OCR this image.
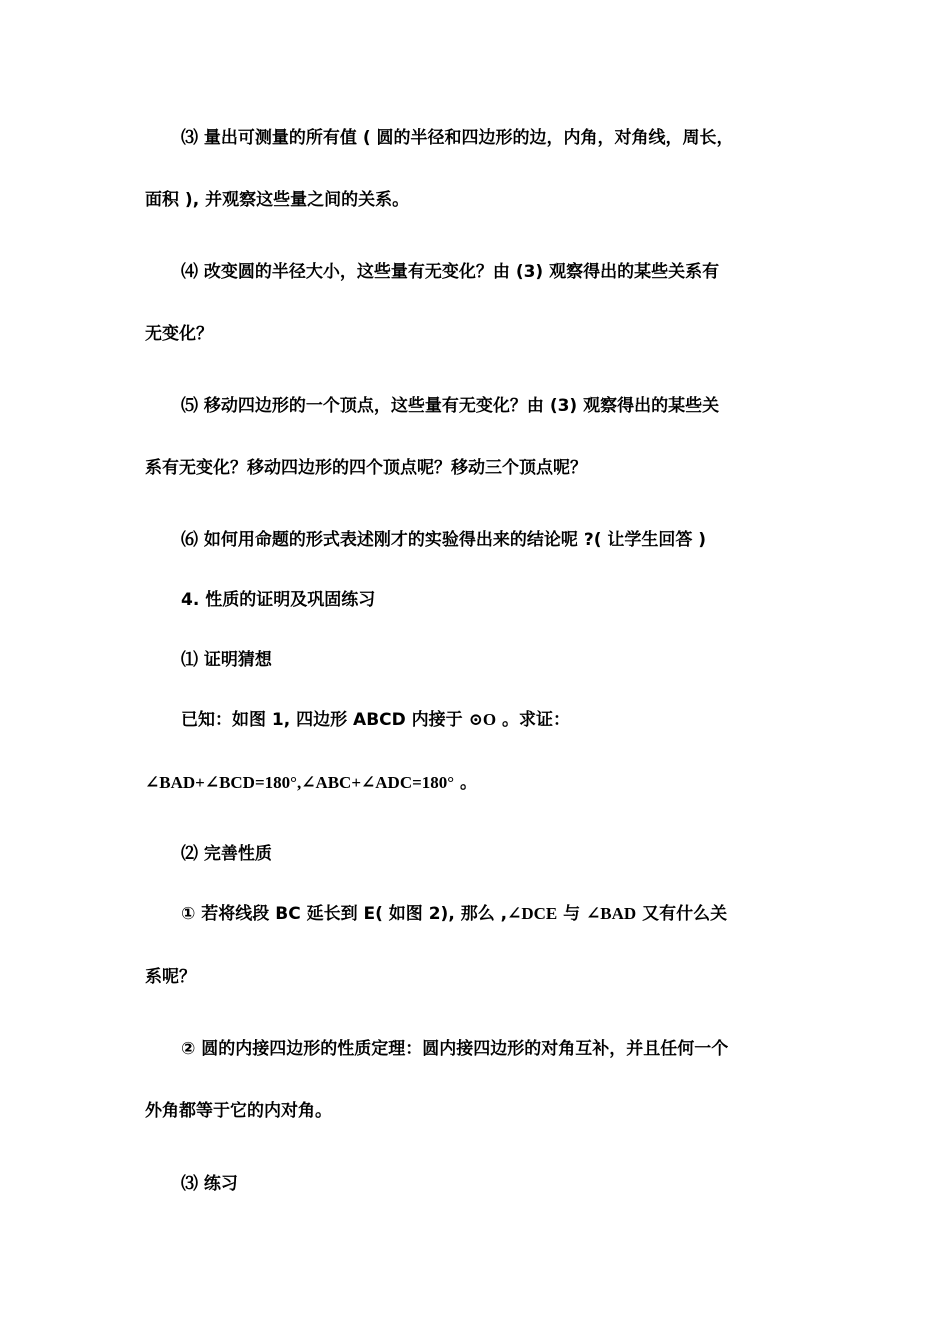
⑶ 量出可测量的所有值 ( 圆的半径和四边形的边，内角，对角线，周长，

面积 ), 并观察这些量之间的关系。

⑷ 改变圆的半径大小，这些量有无变化？由 (3) 观察得出的某些关系有

无变化？

⑸ 移动四边形的一个顶点，这些量有无变化？由 (3) 观察得出的某些关

系有无变化？移动四边形的四个顶点呢？移动三个顶点呢？

⑹ 如何用命题的形式表述刚才的实验得出来的结论呢 ?( 让学生回答 )

4. 性质的证明及巩固练习

⑴ 证明猜想

已知：如图 1, 四边形 ABCD 内接于 ⊙O 。求证：

∠BAD+∠BCD=180°,∠ABC+∠ADC=180° 。

⑵ 完善性质

① 若将线段 BC 延长到 E( 如图 2), 那么 ,∠DCE 与 ∠BAD 又有什么关

系呢？

② 圆的内接四边形的性质定理：圆内接四边形的对角互补，并且任何一个

外角都等于它的内对角。

⑶ 练习
